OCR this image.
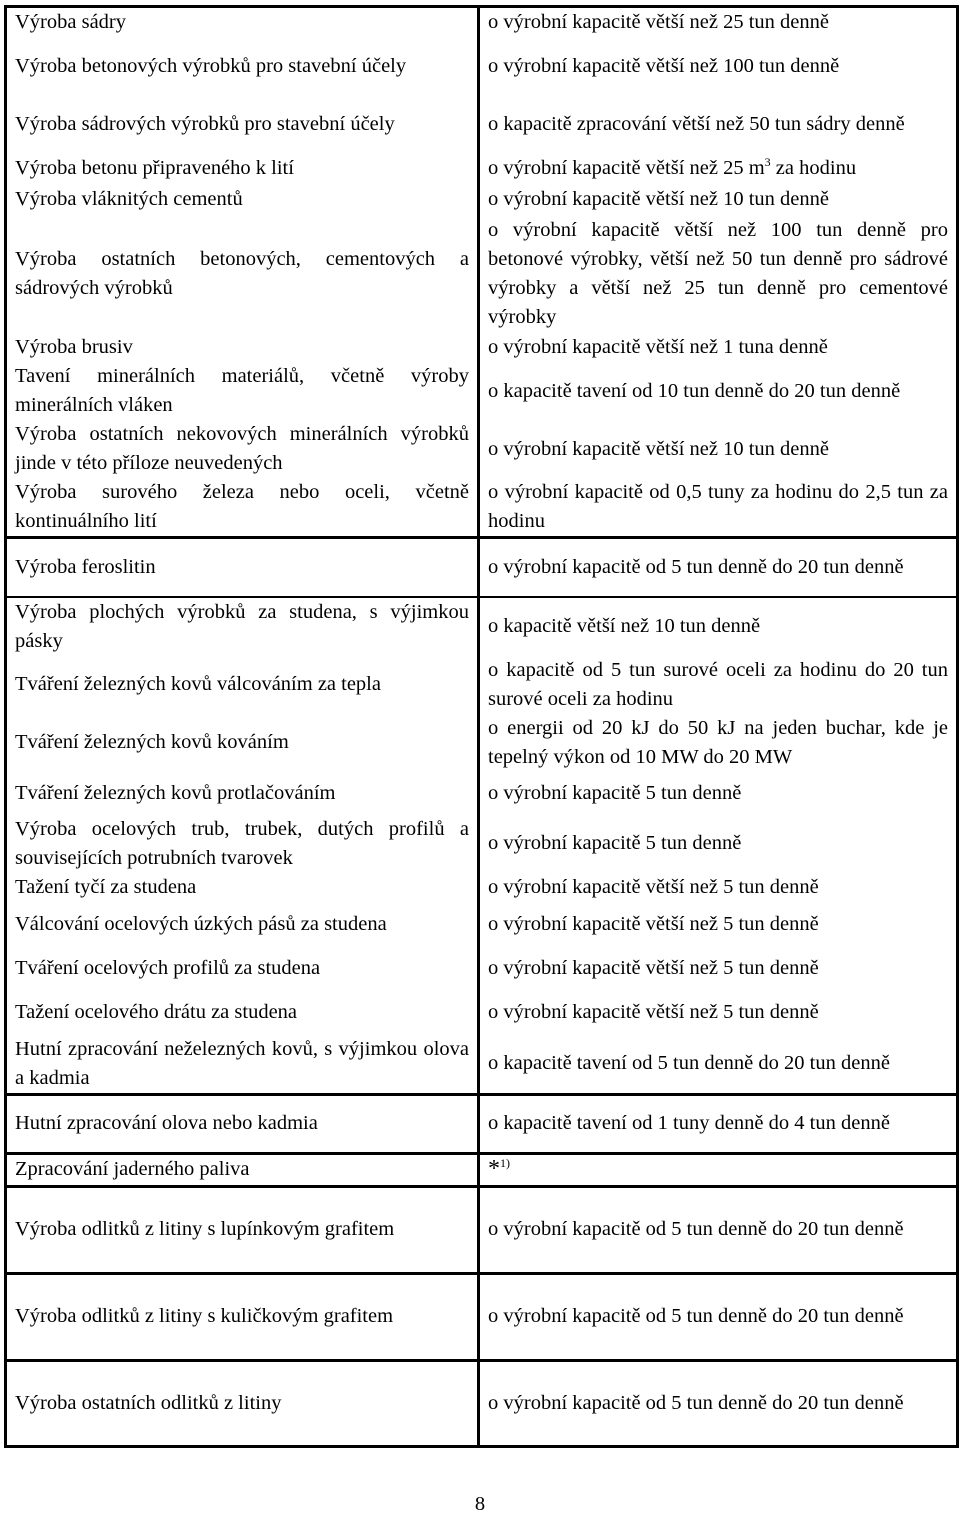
Výroba sádry	o výrobní kapacitě větší než 25 tun denně
Výroba betonových výrobků pro stavební účely	o výrobní kapacitě větší než 100 tun denně
Výroba sádrových výrobků pro stavební účely	o kapacitě zpracování větší než 50 tun sádry denně
Výroba betonu připraveného k lití	o výrobní kapacitě větší než 25 $m^3$ za hodinu
Výroba vláknitých cementů	o výrobní kapacitě větší než 10 tun denně
Výroba ostatních betonových, cementových a sádrových výrobků	o výrobní kapacitě větší než 100 tun denně pro betonové výrobky, větší než 50 tun denně pro sádrové výrobky a větší než 25 tun denně pro cementové výrobky
Výroba brusiv	o výrobní kapacitě větší než 1 tuna denně
Tavení minerálních materiálů, včetně výroby minerálních vláken	o kapacitě tavení od 10 tun denně do 20 tun denně
Výroba ostatních nekovových minerálních výrobků jinde v této příloze neuvedených	o výrobní kapacitě větší než 10 tun denně
Výroba surového železa nebo oceli, včetně kontinuálního lití	o výrobní kapacitě od 0,5 tuny za hodinu do 2,5 tun za hodinu
Výroba feroslitin	o výrobní kapacitě od 5 tun denně do 20 tun denně
Výroba plochých výrobků za studena, s výjimkou pásky	o kapacitě větší než 10 tun denně
Tváření železných kovů válcováním za tepla	o kapacitě od 5 tun surové oceli za hodinu do 20 tun surové oceli za hodinu
Tváření železných kovů kováním	o energii od 20 kJ do 50 kJ na jeden buchar, kde je tepelný výkon od 10 MW do 20 MW
Tváření železných kovů protlačováním	o výrobní kapacitě 5 tun denně
Výroba ocelových trub, trubek, dutých profilů a souvisejících potrubních tvarovek	o výrobní kapacitě 5 tun denně
Tažení tyčí za studena	o výrobní kapacitě větší než 5 tun denně
Válcování ocelových úzkých pásů za studena	o výrobní kapacitě větší než 5 tun denně
Tváření ocelových profilů za studena	o výrobní kapacitě větší než 5 tun denně
Tažení ocelového drátu za studena	o výrobní kapacitě větší než 5 tun denně
Hutní zpracování neželezných kovů, s výjimkou olova a kadmia	o kapacitě tavení od 5 tun denně do 20 tun denně
Hutní zpracování olova nebo kadmia	o kapacitě tavení od 1 tuny denně do 4 tun denně
Zpracování jaderného paliva	*$^{1)}$
Výroba odlitků z litiny s lupínkovým grafitem	o výrobní kapacitě od 5 tun denně do 20 tun denně
Výroba odlitků z litiny s kuličkovým grafitem	o výrobní kapacitě od 5 tun denně do 20 tun denně
Výroba ostatních odlitků z litiny	o výrobní kapacitě od 5 tun denně do 20 tun denně
8
